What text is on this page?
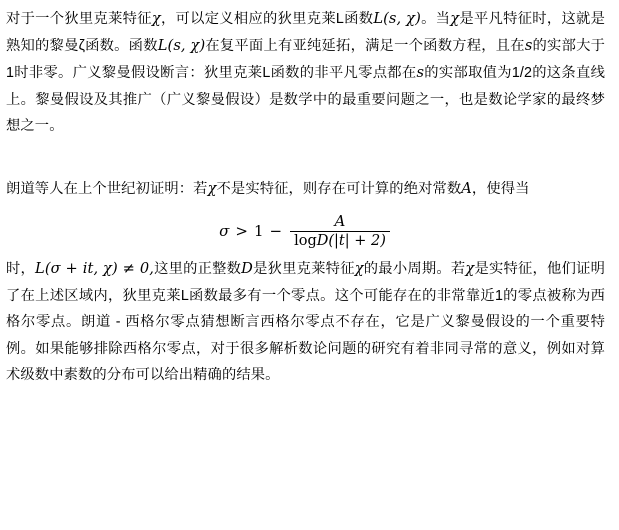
对于一个狄里克莱特征χ，可以定义相应的狄里克莱L函数L(s, χ)。当χ是平凡特征时，这就是熟知的黎曼ζ函数。函数L(s, χ)在复平面上有亚纯延拓，满足一个函数方程，且在s的实部大于1时非零。广义黎曼假设断言：狄里克莱L函数的非平凡零点都在s的实部取值为1/2的这条直线上。黎曼假设及其推广（广义黎曼假设）是数学中的最重要问题之一，也是数论学家的最终梦想之一。

朗道等人在上个世纪初证明：若χ不是实特征，则存在可计算的绝对常数A，使得当

$\sigma > 1 - \frac{A}{\log D(|t| + 2)}$

时，L(σ + it, χ) ≠ 0,这里的正整数D是狄里克莱特征χ的最小周期。若χ是实特征，他们证明了在上述区域内，狄里克莱L函数最多有一个零点。这个可能存在的非常靠近1的零点被称为西格尔零点。朗道 - 西格尔零点猜想断言西格尔零点不存在，它是广义黎曼假设的一个重要特例。如果能够排除西格尔零点，对于很多解析数论问题的研究有着非同寻常的意义，例如对算术级数中素数的分布可以给出精确的结果。
